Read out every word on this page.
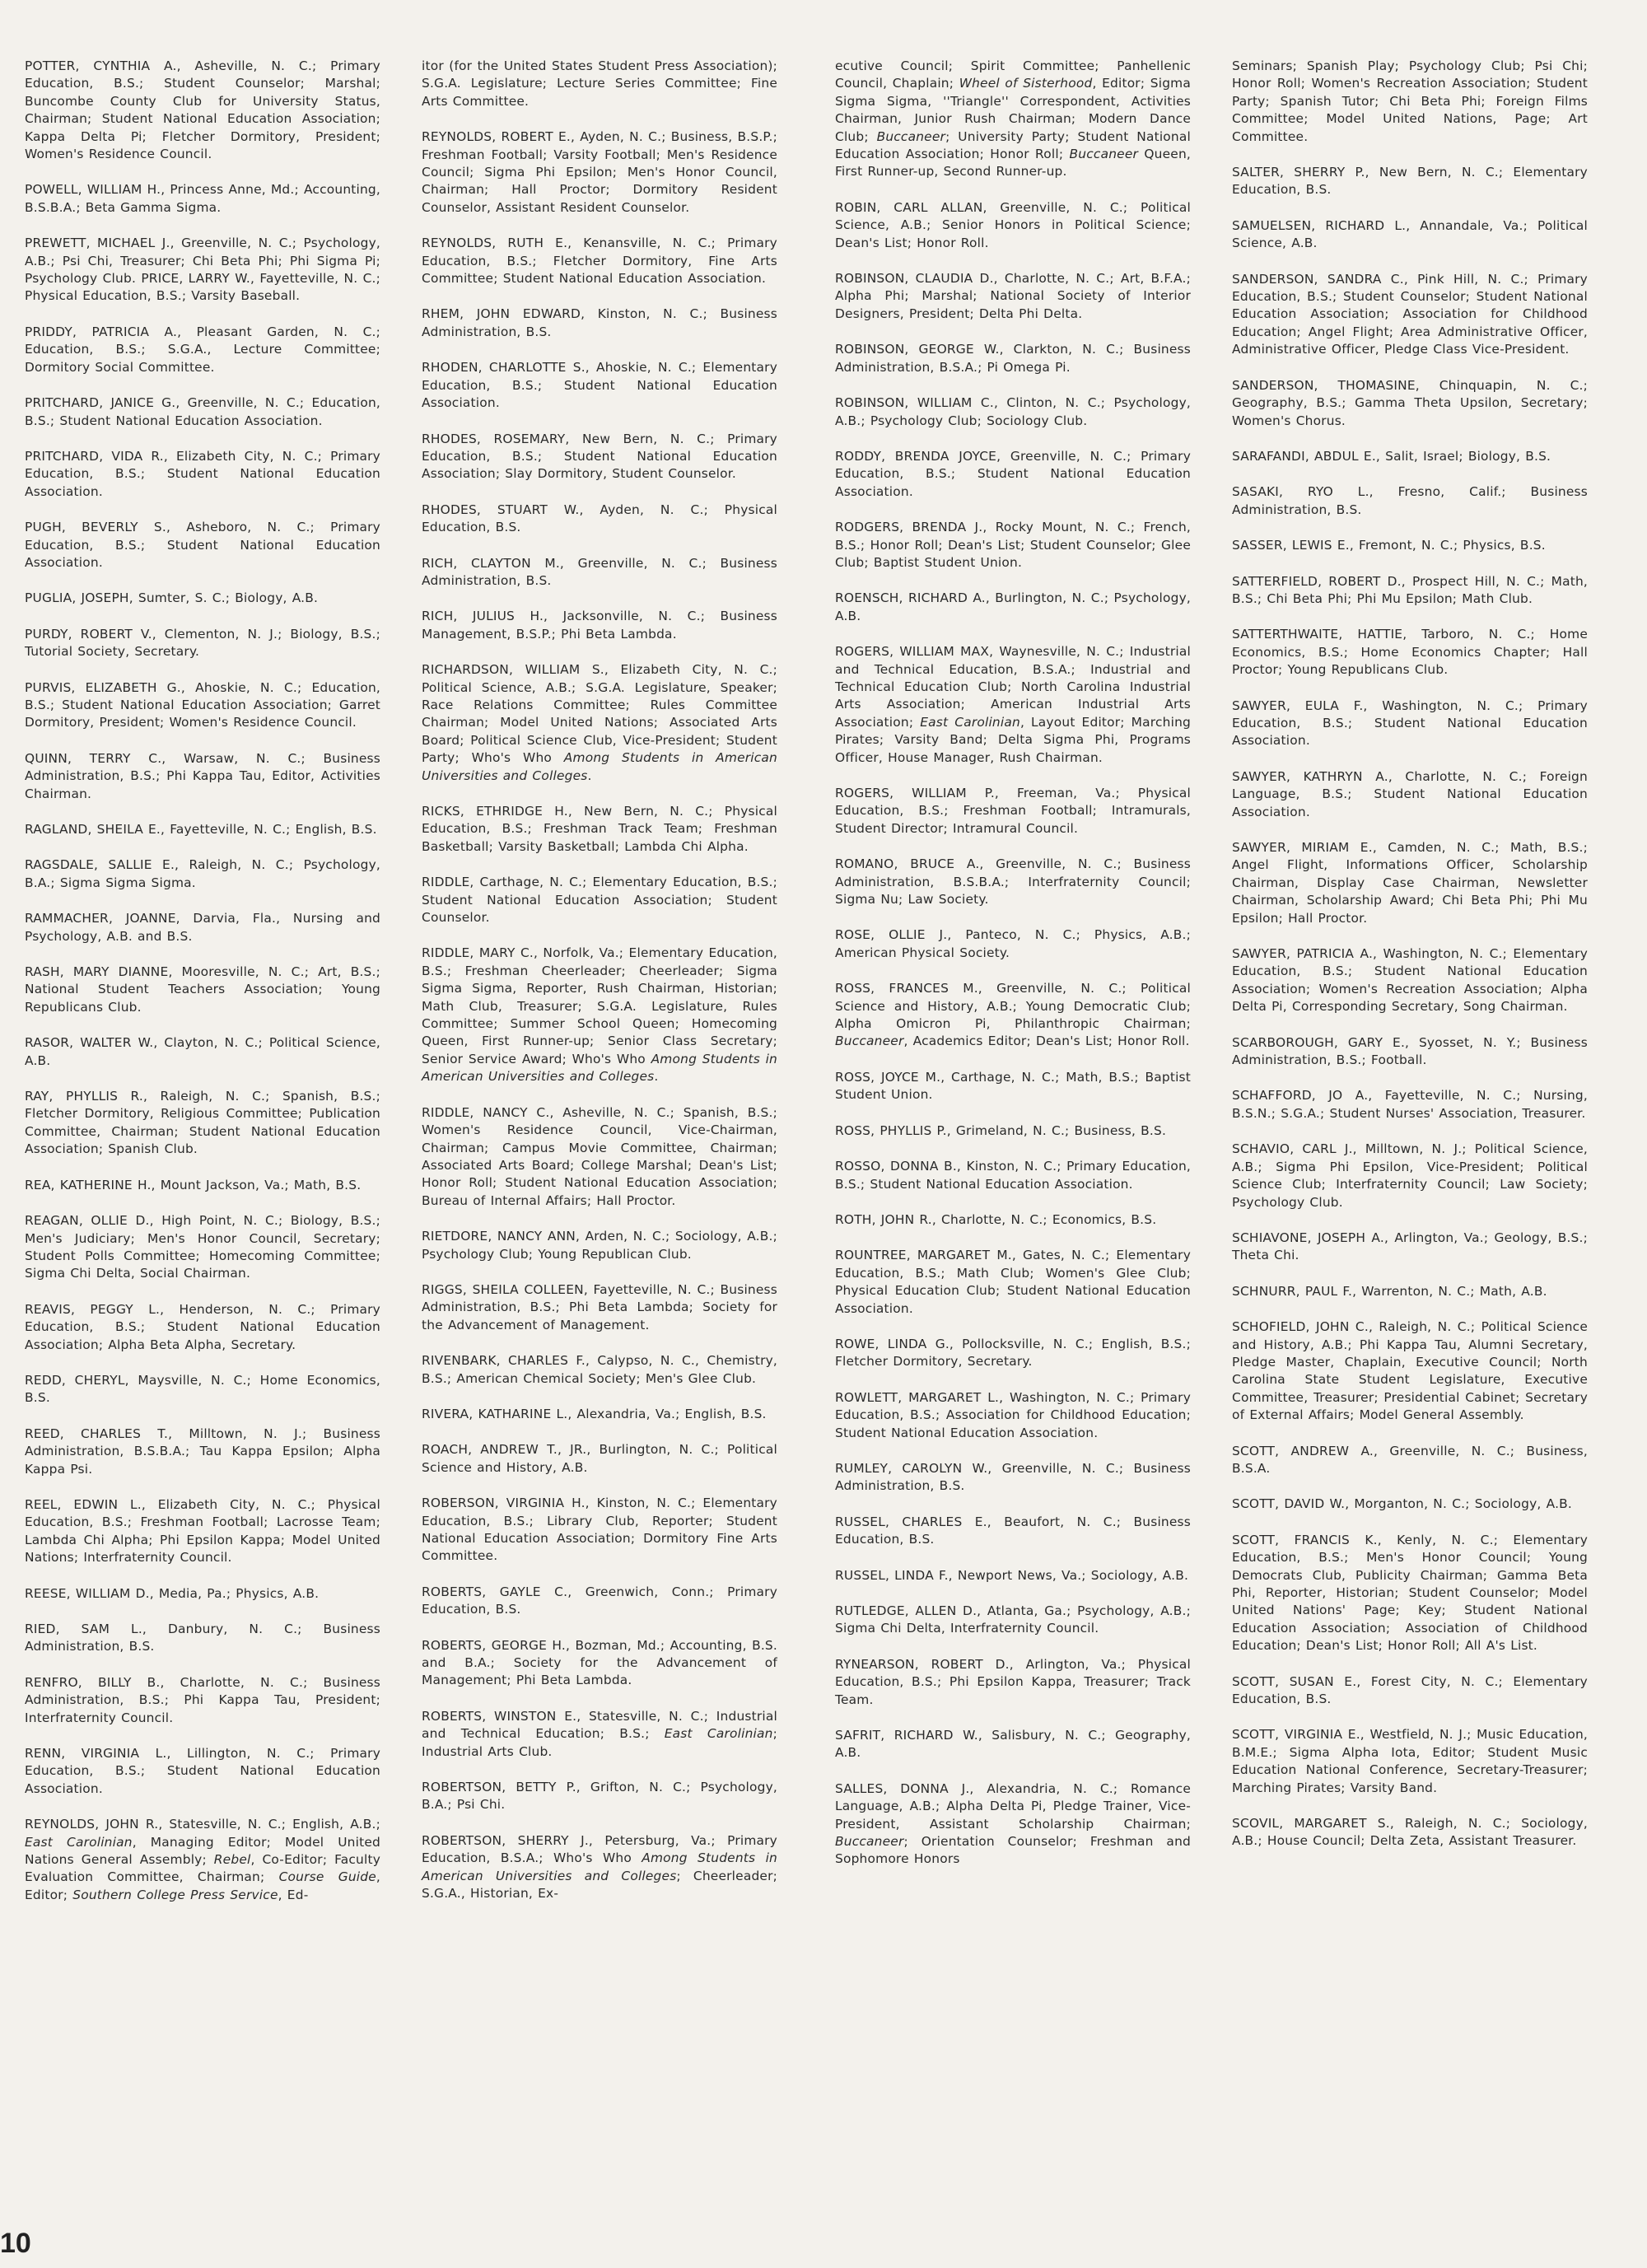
POTTER, CYNTHIA A., Asheville, N. C.; Primary Education, B.S.; Student Counselor; Marshal; Buncombe County Club for University Status, Chairman; Student National Education Association; Kappa Delta Pi; Fletcher Dormitory, President; Women's Residence Council.

POWELL, WILLIAM H., Princess Anne, Md.; Accounting, B.S.B.A.; Beta Gamma Sigma.

PREWETT, MICHAEL J., Greenville, N. C.; Psychology, A.B.; Psi Chi, Treasurer; Chi Beta Phi; Phi Sigma Pi; Psychology Club. PRICE, LARRY W., Fayetteville, N. C.; Physical Education, B.S.; Varsity Baseball.

PRIDDY, PATRICIA A., Pleasant Garden, N. C.; Education, B.S.; S.G.A., Lecture Committee; Dormitory Social Committee.

PRITCHARD, JANICE G., Greenville, N. C.; Education, B.S.; Student National Education Association.

PRITCHARD, VIDA R., Elizabeth City, N. C.; Primary Education, B.S.; Student National Education Association.

PUGH, BEVERLY S., Asheboro, N. C.; Primary Education, B.S.; Student National Education Association.

PUGLIA, JOSEPH, Sumter, S. C.; Biology, A.B.

PURDY, ROBERT V., Clementon, N. J.; Biology, B.S.; Tutorial Society, Secretary.

PURVIS, ELIZABETH G., Ahoskie, N. C.; Education, B.S.; Student National Education Association; Garret Dormitory, President; Women's Residence Council.

QUINN, TERRY C., Warsaw, N. C.; Business Administration, B.S.; Phi Kappa Tau, Editor, Activities Chairman.

RAGLAND, SHEILA E., Fayetteville, N. C.; English, B.S.

RAGSDALE, SALLIE E., Raleigh, N. C.; Psychology, B.A.; Sigma Sigma Sigma.

RAMMACHER, JOANNE, Darvia, Fla., Nursing and Psychology, A.B. and B.S.

RASH, MARY DIANNE, Mooresville, N. C.; Art, B.S.; National Student Teachers Association; Young Republicans Club.

RASOR, WALTER W., Clayton, N. C.; Political Science, A.B.

RAY, PHYLLIS R., Raleigh, N. C.; Spanish, B.S.; Fletcher Dormitory, Religious Committee; Publication Committee, Chairman; Student National Education Association; Spanish Club.

REA, KATHERINE H., Mount Jackson, Va.; Math, B.S.

REAGAN, OLLIE D., High Point, N. C.; Biology, B.S.; Men's Judiciary; Men's Honor Council, Secretary; Student Polls Committee; Homecoming Committee; Sigma Chi Delta, Social Chairman.

REAVIS, PEGGY L., Henderson, N. C.; Primary Education, B.S.; Student National Education Association; Alpha Beta Alpha, Secretary.

REDD, CHERYL, Maysville, N. C.; Home Economics, B.S.

REED, CHARLES T., Milltown, N. J.; Business Administration, B.S.B.A.; Tau Kappa Epsilon; Alpha Kappa Psi.

REEL, EDWIN L., Elizabeth City, N. C.; Physical Education, B.S.; Freshman Football; Lacrosse Team; Lambda Chi Alpha; Phi Epsilon Kappa; Model United Nations; Interfraternity Council.

REESE, WILLIAM D., Media, Pa.; Physics, A.B.

RIED, SAM L., Danbury, N. C.; Business Administration, B.S.

RENFRO, BILLY B., Charlotte, N. C.; Business Administration, B.S.; Phi Kappa Tau, President; Interfraternity Council.

RENN, VIRGINIA L., Lillington, N. C.; Primary Education, B.S.; Student National Education Association.

REYNOLDS, JOHN R., Statesville, N. C.; English, A.B.; East Carolinian, Managing Editor; Model United Nations General Assembly; Rebel, Co-Editor; Faculty Evaluation Committee, Chairman; Course Guide, Editor; Southern College Press Service, Ed-

itor (for the United States Student Press Association); S.G.A. Legislature; Lecture Series Committee; Fine Arts Committee.

REYNOLDS, ROBERT E., Ayden, N. C.; Business, B.S.P.; Freshman Football; Varsity Football; Men's Residence Council; Sigma Phi Epsilon; Men's Honor Council, Chairman; Hall Proctor; Dormitory Resident Counselor, Assistant Resident Counselor.

REYNOLDS, RUTH E., Kenansville, N. C.; Primary Education, B.S.; Fletcher Dormitory, Fine Arts Committee; Student National Education Association.

RHEM, JOHN EDWARD, Kinston, N. C.; Business Administration, B.S.

RHODEN, CHARLOTTE S., Ahoskie, N. C.; Elementary Education, B.S.; Student National Education Association.

RHODES, ROSEMARY, New Bern, N. C.; Primary Education, B.S.; Student National Education Association; Slay Dormitory, Student Counselor.

RHODES, STUART W., Ayden, N. C.; Physical Education, B.S.

RICH, CLAYTON M., Greenville, N. C.; Business Administration, B.S.

RICH, JULIUS H., Jacksonville, N. C.; Business Management, B.S.P.; Phi Beta Lambda.

RICHARDSON, WILLIAM S., Elizabeth City, N. C.; Political Science, A.B.; S.G.A. Legislature, Speaker; Race Relations Committee; Rules Committee Chairman; Model United Nations; Associated Arts Board; Political Science Club, Vice-President; Student Party; Who's Who Among Students in American Universities and Colleges.

RICKS, ETHRIDGE H., New Bern, N. C.; Physical Education, B.S.; Freshman Track Team; Freshman Basketball; Varsity Basketball; Lambda Chi Alpha.

RIDDLE, Carthage, N. C.; Elementary Education, B.S.; Student National Education Association; Student Counselor.

RIDDLE, MARY C., Norfolk, Va.; Elementary Education, B.S.; Freshman Cheerleader; Cheerleader; Sigma Sigma Sigma, Reporter, Rush Chairman, Historian; Math Club, Treasurer; S.G.A. Legislature, Rules Committee; Summer School Queen; Homecoming Queen, First Runner-up; Senior Class Secretary; Senior Service Award; Who's Who Among Students in American Universities and Colleges.

RIDDLE, NANCY C., Asheville, N. C.; Spanish, B.S.; Women's Residence Council, Vice-Chairman, Chairman; Campus Movie Committee, Chairman; Associated Arts Board; College Marshal; Dean's List; Honor Roll; Student National Education Association; Bureau of Internal Affairs; Hall Proctor.

RIETDORE, NANCY ANN, Arden, N. C.; Sociology, A.B.; Psychology Club; Young Republican Club.

RIGGS, SHEILA COLLEEN, Fayetteville, N. C.; Business Administration, B.S.; Phi Beta Lambda; Society for the Advancement of Management.

RIVENBARK, CHARLES F., Calypso, N. C., Chemistry, B.S.; American Chemical Society; Men's Glee Club.

RIVERA, KATHARINE L., Alexandria, Va.; English, B.S.

ROACH, ANDREW T., JR., Burlington, N. C.; Political Science and History, A.B.

ROBERSON, VIRGINIA H., Kinston, N. C.; Elementary Education, B.S.; Library Club, Reporter; Student National Education Association; Dormitory Fine Arts Committee.

ROBERTS, GAYLE C., Greenwich, Conn.; Primary Education, B.S.

ROBERTS, GEORGE H., Bozman, Md.; Accounting, B.S. and B.A.; Society for the Advancement of Management; Phi Beta Lambda.

ROBERTS, WINSTON E., Statesville, N. C.; Industrial and Technical Education; B.S.; East Carolinian; Industrial Arts Club.

ROBERTSON, BETTY P., Grifton, N. C.; Psychology, B.A.; Psi Chi.

ROBERTSON, SHERRY J., Petersburg, Va.; Primary Education, B.S.A.; Who's Who Among Students in American Universities and Colleges; Cheerleader; S.G.A., Historian, Ex-

ecutive Council; Spirit Committee; Panhellenic Council, Chaplain; Wheel of Sisterhood, Editor; Sigma Sigma Sigma, ''Triangle'' Correspondent, Activities Chairman, Junior Rush Chairman; Modern Dance Club; Buccaneer; University Party; Student National Education Association; Honor Roll; Buccaneer Queen, First Runner-up, Second Runner-up.

ROBIN, CARL ALLAN, Greenville, N. C.; Political Science, A.B.; Senior Honors in Political Science; Dean's List; Honor Roll.

ROBINSON, CLAUDIA D., Charlotte, N. C.; Art, B.F.A.; Alpha Phi; Marshal; National Society of Interior Designers, President; Delta Phi Delta.

ROBINSON, GEORGE W., Clarkton, N. C.; Business Administration, B.S.A.; Pi Omega Pi.

ROBINSON, WILLIAM C., Clinton, N. C.; Psychology, A.B.; Psychology Club; Sociology Club.

RODDY, BRENDA JOYCE, Greenville, N. C.; Primary Education, B.S.; Student National Education Association.

RODGERS, BRENDA J., Rocky Mount, N. C.; French, B.S.; Honor Roll; Dean's List; Student Counselor; Glee Club; Baptist Student Union.

ROENSCH, RICHARD A., Burlington, N. C.; Psychology, A.B.

ROGERS, WILLIAM MAX, Waynesville, N. C.; Industrial and Technical Education, B.S.A.; Industrial and Technical Education Club; North Carolina Industrial Arts Association; American Industrial Arts Association; East Carolinian, Layout Editor; Marching Pirates; Varsity Band; Delta Sigma Phi, Programs Officer, House Manager, Rush Chairman.

ROGERS, WILLIAM P., Freeman, Va.; Physical Education, B.S.; Freshman Football; Intramurals, Student Director; Intramural Council.

ROMANO, BRUCE A., Greenville, N. C.; Business Administration, B.S.B.A.; Interfraternity Council; Sigma Nu; Law Society.

ROSE, OLLIE J., Panteco, N. C.; Physics, A.B.; American Physical Society.

ROSS, FRANCES M., Greenville, N. C.; Political Science and History, A.B.; Young Democratic Club; Alpha Omicron Pi, Philanthropic Chairman; Buccaneer, Academics Editor; Dean's List; Honor Roll.

ROSS, JOYCE M., Carthage, N. C.; Math, B.S.; Baptist Student Union.

ROSS, PHYLLIS P., Grimeland, N. C.; Business, B.S.

ROSSO, DONNA B., Kinston, N. C.; Primary Education, B.S.; Student National Education Association.

ROTH, JOHN R., Charlotte, N. C.; Economics, B.S.

ROUNTREE, MARGARET M., Gates, N. C.; Elementary Education, B.S.; Math Club; Women's Glee Club; Physical Education Club; Student National Education Association.

ROWE, LINDA G., Pollocksville, N. C.; English, B.S.; Fletcher Dormitory, Secretary.

ROWLETT, MARGARET L., Washington, N. C.; Primary Education, B.S.; Association for Childhood Education; Student National Education Association.

RUMLEY, CAROLYN W., Greenville, N. C.; Business Administration, B.S.

RUSSEL, CHARLES E., Beaufort, N. C.; Business Education, B.S.

RUSSEL, LINDA F., Newport News, Va.; Sociology, A.B.

RUTLEDGE, ALLEN D., Atlanta, Ga.; Psychology, A.B.; Sigma Chi Delta, Interfraternity Council.

RYNEARSON, ROBERT D., Arlington, Va.; Physical Education, B.S.; Phi Epsilon Kappa, Treasurer; Track Team.

SAFRIT, RICHARD W., Salisbury, N. C.; Geography, A.B.

SALLES, DONNA J., Alexandria, N. C.; Romance Language, A.B.; Alpha Delta Pi, Pledge Trainer, Vice-President, Assistant Scholarship Chairman; Buccaneer; Orientation Counselor; Freshman and Sophomore Honors

Seminars; Spanish Play; Psychology Club; Psi Chi; Honor Roll; Women's Recreation Association; Student Party; Spanish Tutor; Chi Beta Phi; Foreign Films Committee; Model United Nations, Page; Art Committee.

SALTER, SHERRY P., New Bern, N. C.; Elementary Education, B.S.

SAMUELSEN, RICHARD L., Annandale, Va.; Political Science, A.B.

SANDERSON, SANDRA C., Pink Hill, N. C.; Primary Education, B.S.; Student Counselor; Student National Education Association; Association for Childhood Education; Angel Flight; Area Administrative Officer, Administrative Officer, Pledge Class Vice-President.

SANDERSON, THOMASINE, Chinquapin, N. C.; Geography, B.S.; Gamma Theta Upsilon, Secretary; Women's Chorus.

SARAFANDI, ABDUL E., Salit, Israel; Biology, B.S.

SASAKI, RYO L., Fresno, Calif.; Business Administration, B.S.

SASSER, LEWIS E., Fremont, N. C.; Physics, B.S.

SATTERFIELD, ROBERT D., Prospect Hill, N. C.; Math, B.S.; Chi Beta Phi; Phi Mu Epsilon; Math Club.

SATTERTHWAITE, HATTIE, Tarboro, N. C.; Home Economics, B.S.; Home Economics Chapter; Hall Proctor; Young Republicans Club.

SAWYER, EULA F., Washington, N. C.; Primary Education, B.S.; Student National Education Association.

SAWYER, KATHRYN A., Charlotte, N. C.; Foreign Language, B.S.; Student National Education Association.

SAWYER, MIRIAM E., Camden, N. C.; Math, B.S.; Angel Flight, Informations Officer, Scholarship Chairman, Display Case Chairman, Newsletter Chairman, Scholarship Award; Chi Beta Phi; Phi Mu Epsilon; Hall Proctor.

SAWYER, PATRICIA A., Washington, N. C.; Elementary Education, B.S.; Student National Education Association; Women's Recreation Association; Alpha Delta Pi, Corresponding Secretary, Song Chairman.

SCARBOROUGH, GARY E., Syosset, N. Y.; Business Administration, B.S.; Football.

SCHAFFORD, JO A., Fayetteville, N. C.; Nursing, B.S.N.; S.G.A.; Student Nurses' Association, Treasurer.

SCHAVIO, CARL J., Milltown, N. J.; Political Science, A.B.; Sigma Phi Epsilon, Vice-President; Political Science Club; Interfraternity Council; Law Society; Psychology Club.

SCHIAVONE, JOSEPH A., Arlington, Va.; Geology, B.S.; Theta Chi.

SCHNURR, PAUL F., Warrenton, N. C.; Math, A.B.

SCHOFIELD, JOHN C., Raleigh, N. C.; Political Science and History, A.B.; Phi Kappa Tau, Alumni Secretary, Pledge Master, Chaplain, Executive Council; North Carolina State Student Legislature, Executive Committee, Treasurer; Presidential Cabinet; Secretary of External Affairs; Model General Assembly.

SCOTT, ANDREW A., Greenville, N. C.; Business, B.S.A.

SCOTT, DAVID W., Morganton, N. C.; Sociology, A.B.

SCOTT, FRANCIS K., Kenly, N. C.; Elementary Education, B.S.; Men's Honor Council; Young Democrats Club, Publicity Chairman; Gamma Beta Phi, Reporter, Historian; Student Counselor; Model United Nations' Page; Key; Student National Education Association; Association of Childhood Education; Dean's List; Honor Roll; All A's List.

SCOTT, SUSAN E., Forest City, N. C.; Elementary Education, B.S.

SCOTT, VIRGINIA E., Westfield, N. J.; Music Education, B.M.E.; Sigma Alpha Iota, Editor; Student Music Education National Conference, Secretary-Treasurer; Marching Pirates; Varsity Band.

SCOVIL, MARGARET S., Raleigh, N. C.; Sociology, A.B.; House Council; Delta Zeta, Assistant Treasurer.

10
